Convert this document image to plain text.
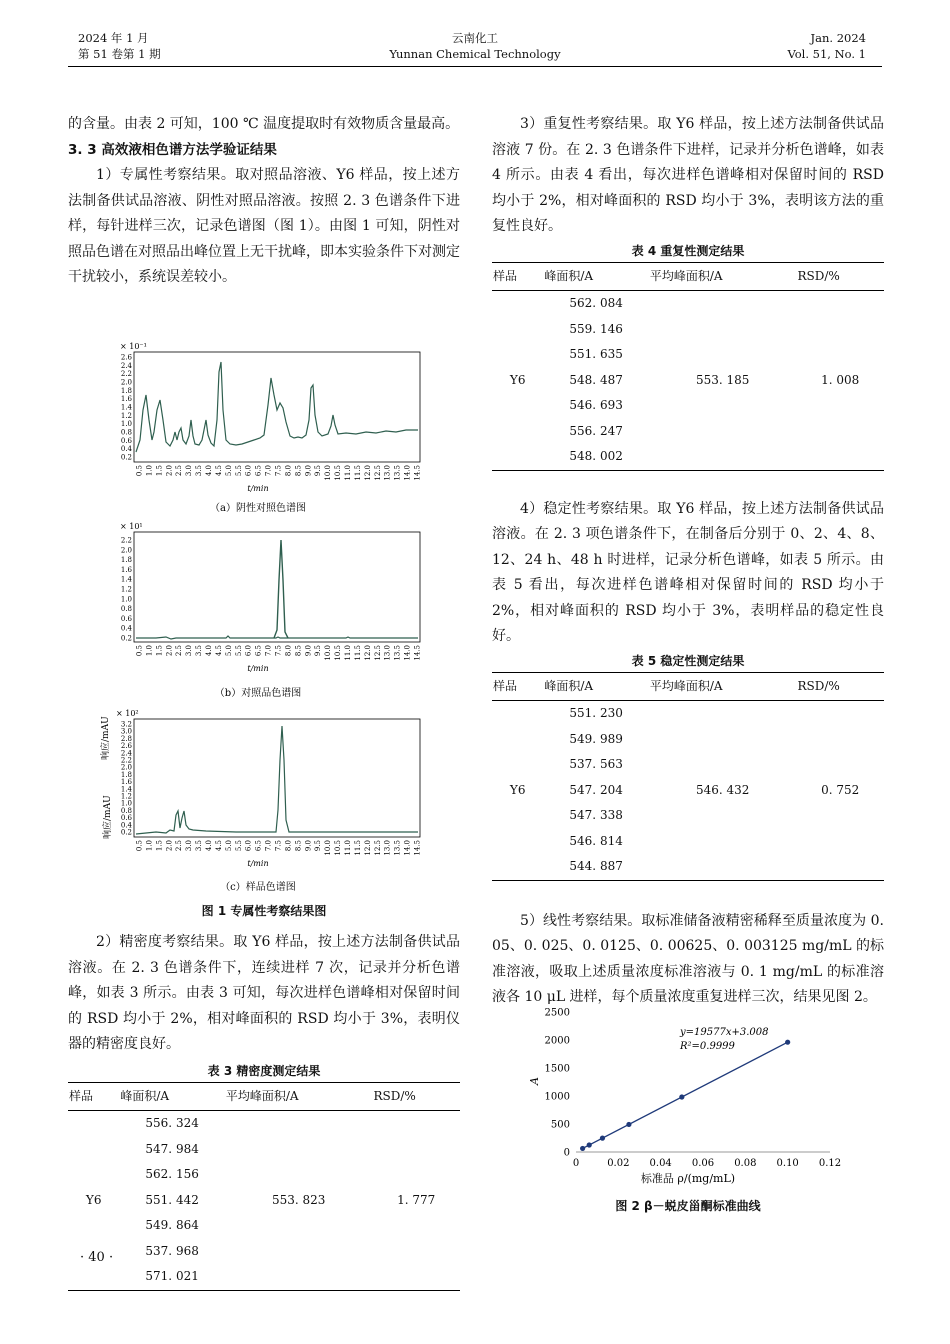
2024 年 1 月
第 51 卷第 1 期
云南化工
Yunnan Chemical Technology
Jan. 2024
Vol. 51, No. 1

的含量。由表 2 可知，100 ℃ 温度提取时有效物质含量最高。

3. 3 高效液相色谱方法学验证结果

1）专属性考察结果。取对照品溶液、Y6 样品，按上述方法制备供试品溶液、阴性对照品溶液。按照 2. 3 色谱条件下进样，每针进样三次，记录色谱图（图 1）。由图 1 可知，阴性对照品色谱在对照品出峰位置上无干扰峰，即本实验条件下对测定干扰较小，系统误差较小。

× 10⁻¹
2.6
2.4
2.2
2.0
1.8
1.6
1.4
1.2
1.0
0.8
0.6
0.4
0.2
0.5 1.0 1.5 2.0 2.5 3.0 3.5 4.0 4.5 5.0 5.5 6.0 6.5 7.0 7.5 8.0 8.5 9.0 9.5 10.0 10.5 11.0 11.5 12.0 12.5 13.0 13.5 14.0 14.5
t/min
（a）阴性对照色谱图
× 10¹
2.2
2.0
1.8
1.6
1.4
1.2
1.0
0.8
0.6
0.4
0.2
0.5 1.0 1.5 2.0 2.5 3.0 3.5 4.0 4.5 5.0 5.5 6.0 6.5 7.0 7.5 8.0 8.5 9.0 9.5 10.0 10.5 11.0 11.5 12.0 12.5 13.0 13.5 14.0 14.5
t/min
（b）对照品色谱图
× 10²
3.2
3.0
2.8
2.6
2.4
2.2
2.0
1.8
1.6
1.4
1.2
1.0
0.8
0.6
0.4
0.2
0.5 1.0 1.5 2.0 2.5 3.0 3.5 4.0 4.5 5.0 5.5 6.0 6.5 7.0 7.5 8.0 8.5 9.0 9.5 10.0 10.5 11.0 11.5 12.0 12.5 13.0 13.5 14.0 14.5
t/min
（c）样品色谱图
响应/mAU
响应/mAU
图 1 专属性考察结果图

2）精密度考察结果。取 Y6 样品，按上述方法制备供试品溶液。在 2. 3 色谱条件下，连续进样 7 次，记录并分析色谱峰，如表 3 所示。由表 3 可知，每次进样色谱峰相对保留时间的 RSD 均小于 2%，相对峰面积的 RSD 均小于 3%，表明仪器的精密度良好。

表 3 精密度测定结果
样品	峰面积/A	平均峰面积/A	RSD/%
Y6	556. 324	553. 823	1. 777
	547. 984		
	562. 156		
	551. 442		
	549. 864		
	537. 968		
	571. 021		

3）重复性考察结果。取 Y6 样品，按上述方法制备供试品溶液 7 份。在 2. 3 色谱条件下进样，记录并分析色谱峰，如表 4 所示。由表 4 看出，每次进样色谱峰相对保留时间的 RSD 均小于 2%，相对峰面积的 RSD 均小于 3%，表明该方法的重复性良好。

表 4 重复性测定结果
样品	峰面积/A	平均峰面积/A	RSD/%
Y6	562. 084	553. 185	1. 008
	559. 146		
	551. 635		
	548. 487		
	546. 693		
	556. 247		
	548. 002		

4）稳定性考察结果。取 Y6 样品，按上述方法制备供试品溶液。在 2. 3 项色谱条件下，在制备后分别于 0、2、4、8、12、24 h、48 h 时进样，记录分析色谱峰，如表 5 所示。由表 5 看出，每次进样色谱峰相对保留时间的 RSD 均小于 2%，相对峰面积的 RSD 均小于 3%，表明样品的稳定性良好。

表 5 稳定性测定结果
样品	峰面积/A	平均峰面积/A	RSD/%
Y6	551. 230	546. 432	0. 752
	549. 989		
	537. 563		
	547. 204		
	547. 338		
	546. 814		
	544. 887		

5）线性考察结果。取标准储备液精密稀释至质量浓度为 0. 05、0. 025、0. 0125、0. 00625、0. 003125 mg/mL 的标准溶液，吸取上述质量浓度标准溶液与 0. 1 mg/mL 的标准溶液各 10 μL 进样，每个质量浓度重复进样三次，结果见图 2。

0.12
0.10
0.08
0.06
0.04
0.02
0
2500
2000
1500
1000
500
0
y=19577x+3.008
R²=0.9999
A
标准品 ρ/(mg/mL)
图 2 β－蜕皮甾酮标准曲线
· 40 ·
